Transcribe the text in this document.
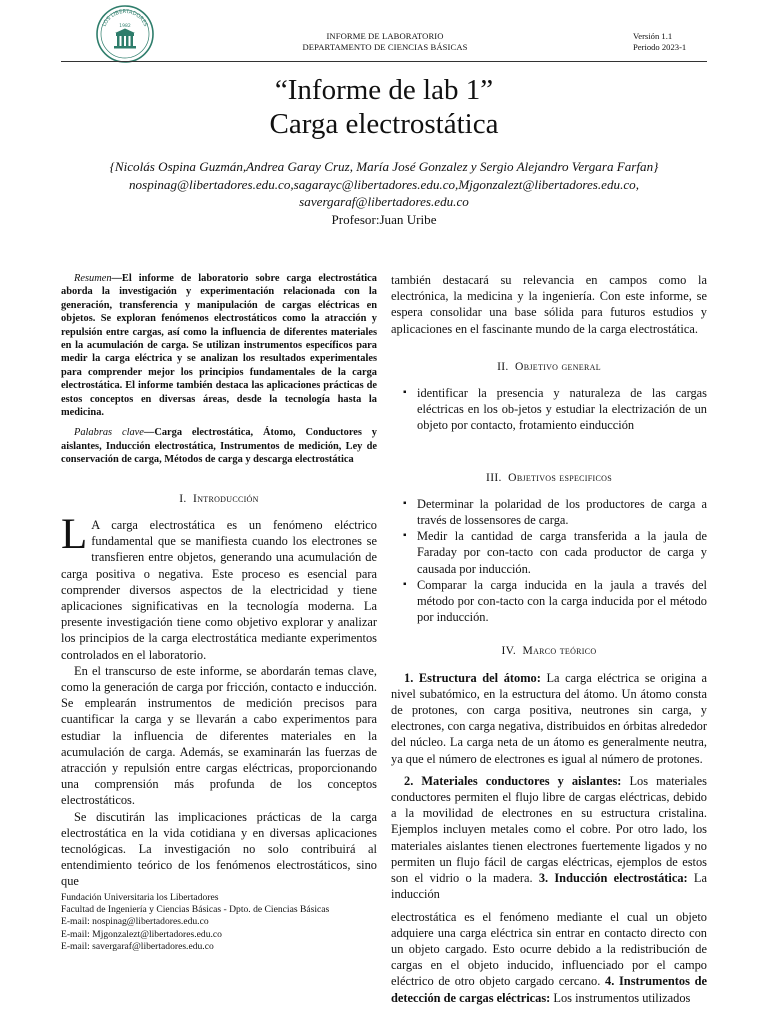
LOS LIBERTADORES
1982
INFORME DE LABORATORIO
DEPARTAMENTO DE CIENCIAS BÁSICAS
Versión 1.1
Periodo 2023-1
“Informe de lab 1”
Carga electrostática
{Nicolás Ospina Guzmán,Andrea Garay Cruz, María José Gonzalez y Sergio Alejandro Vergara Farfan}
nospinag@libertadores.edu.co,sagarayc@libertadores.edu.co,Mjgonzalezt@libertadores.edu.co,
savergaraf@libertadores.edu.co
Profesor:Juan Uribe

Resumen—El informe de laboratorio sobre carga electrostática aborda la investigación y experimentación relacionada con la generación, transferencia y manipulación de cargas eléctricas en objetos. Se exploran fenómenos electrostáticos como la atracción y repulsión entre cargas, así como la influencia de diferentes materiales en la acumulación de carga. Se utilizan instrumentos específicos para medir la carga eléctrica y se analizan los resultados experimentales para comprender mejor los principios fundamentales de la carga electrostática. El informe también destaca las aplicaciones prácticas de estos conceptos en diversas áreas, desde la tecnología hasta la medicina.

Palabras clave—Carga electrostática, Átomo, Conductores y aislantes, Inducción electrostática, Instrumentos de medición, Ley de conservación de carga, Métodos de carga y descarga electrostática

I. Introducción

L A carga electrostática es un fenómeno eléctrico fundamental que se manifiesta cuando los electrones se transfieren entre objetos, generando una acumulación de carga positiva o negativa. Este proceso es esencial para comprender diversos aspectos de la electricidad y tiene aplicaciones significativas en la tecnología moderna. La presente investigación tiene como objetivo explorar y analizar los principios de la carga electrostática mediante experimentos controlados en el laboratorio.

En el transcurso de este informe, se abordarán temas clave, como la generación de carga por fricción, contacto e inducción. Se emplearán instrumentos de medición precisos para cuantificar la carga y se llevarán a cabo experimentos para estudiar la influencia de diferentes materiales en la acumulación de carga. Además, se examinarán las fuerzas de atracción y repulsión entre cargas eléctricas, proporcionando una comprensión más profunda de los conceptos electrostáticos.

Se discutirán las implicaciones prácticas de la carga electrostática en la vida cotidiana y en diversas aplicaciones tecnológicas. La investigación no solo contribuirá al entendimiento teórico de los fenómenos electrostáticos, sino que

también destacará su relevancia en campos como la electrónica, la medicina y la ingeniería. Con este informe, se espera consolidar una base sólida para futuros estudios y aplicaciones en el fascinante mundo de la carga electrostática.

II. Objetivo general
▪ identificar la presencia y naturaleza de las cargas eléctricas en los ob-jetos y estudiar la electrización de un objeto por contacto, frotamiento einducción
III. Objetivos especificos
▪ Determinar la polaridad de los productores de carga a través de lossensores de carga.
▪ Medir la cantidad de carga transferida a la jaula de Faraday por con-tacto con cada productor de carga y causada por inducción.
▪ Comparar la carga inducida en la jaula a través del método por con-tacto con la carga inducida por el método por inducción.
IV. Marco teórico

1. Estructura del átomo: La carga eléctrica se origina a nivel subatómico, en la estructura del átomo. Un átomo consta de protones, con carga positiva, neutrones sin carga, y electrones, con carga negativa, distribuidos en órbitas alrededor del núcleo. La carga neta de un átomo es generalmente neutra, ya que el número de electrones es igual al número de protones.

2. Materiales conductores y aislantes: Los materiales conductores permiten el flujo libre de cargas eléctricas, debido a la movilidad de electrones en su estructura cristalina. Ejemplos incluyen metales como el cobre. Por otro lado, los materiales aislantes tienen electrones fuertemente ligados y no permiten un flujo fácil de cargas eléctricas, ejemplos de estos son el vidrio o la madera. 3. Inducción electrostática: La inducción

electrostática es el fenómeno mediante el cual un objeto adquiere una carga eléctrica sin entrar en contacto directo con un objeto cargado. Esto ocurre debido a la redistribución de cargas en el objeto inducido, influenciado por el campo eléctrico de otro objeto cargado cercano. 4. Instrumentos de detección de cargas eléctricas: Los instrumentos utilizados

Fundación Universitaria los Libertadores
Facultad de Ingeniería y Ciencias Básicas - Dpto. de Ciencias Básicas
E-mail: nospinag@libertadores.edu.co
E-mail: Mjgonzalezt@libertadores.edu.co
E-mail: savergaraf@libertadores.edu.co
